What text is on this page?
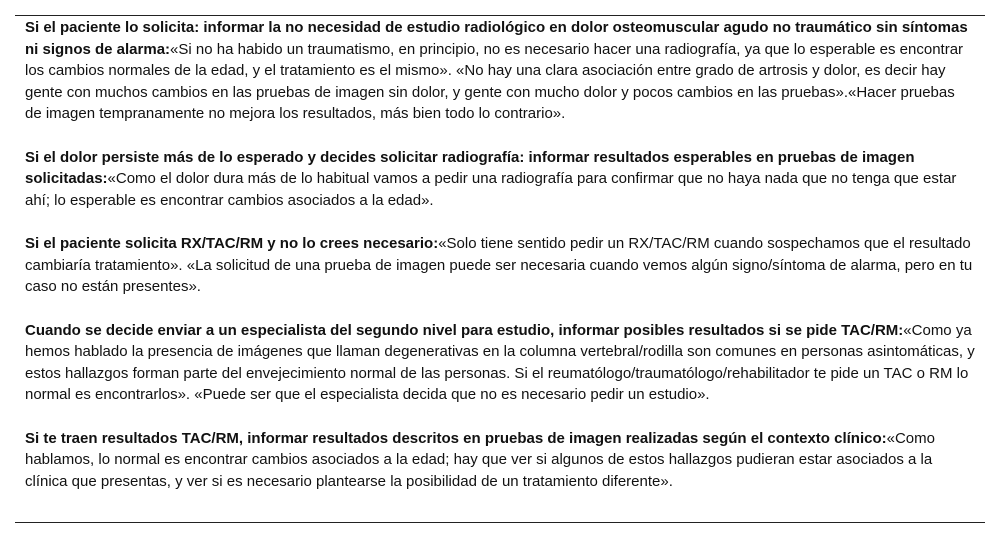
Si el paciente lo solicita: informar la no necesidad de estudio radiológico en dolor osteomuscular agudo no traumático sin síntomas ni signos de alarma:«Si no ha habido un traumatismo, en principio, no es necesario hacer una radiografía, ya que lo esperable es encontrar los cambios normales de la edad, y el tratamiento es el mismo». «No hay una clara asociación entre grado de artrosis y dolor, es decir hay gente con muchos cambios en las pruebas de imagen sin dolor, y gente con mucho dolor y pocos cambios en las pruebas».«Hacer pruebas de imagen tempranamente no mejora los resultados, más bien todo lo contrario».

Si el dolor persiste más de lo esperado y decides solicitar radiografía: informar resultados esperables en pruebas de imagen solicitadas:«Como el dolor dura más de lo habitual vamos a pedir una radiografía para confirmar que no haya nada que no tenga que estar ahí; lo esperable es encontrar cambios asociados a la edad».

Si el paciente solicita RX/TAC/RM y no lo crees necesario:«Solo tiene sentido pedir un RX/TAC/RM cuando sospechamos que el resultado cambiaría tratamiento». «La solicitud de una prueba de imagen puede ser necesaria cuando vemos algún signo/síntoma de alarma, pero en tu caso no están presentes».

Cuando se decide enviar a un especialista del segundo nivel para estudio, informar posibles resultados si se pide TAC/RM:«Como ya hemos hablado la presencia de imágenes que llaman degenerativas en la columna vertebral/rodilla son comunes en personas asintomáticas, y estos hallazgos forman parte del envejecimiento normal de las personas. Si el reumatólogo/traumatólogo/rehabilitador te pide un TAC o RM lo normal es encontrarlos». «Puede ser que el especialista decida que no es necesario pedir un estudio».

Si te traen resultados TAC/RM, informar resultados descritos en pruebas de imagen realizadas según el contexto clínico:«Como hablamos, lo normal es encontrar cambios asociados a la edad; hay que ver si algunos de estos hallazgos pudieran estar asociados a la clínica que presentas, y ver si es necesario plantearse la posibilidad de un tratamiento diferente».
